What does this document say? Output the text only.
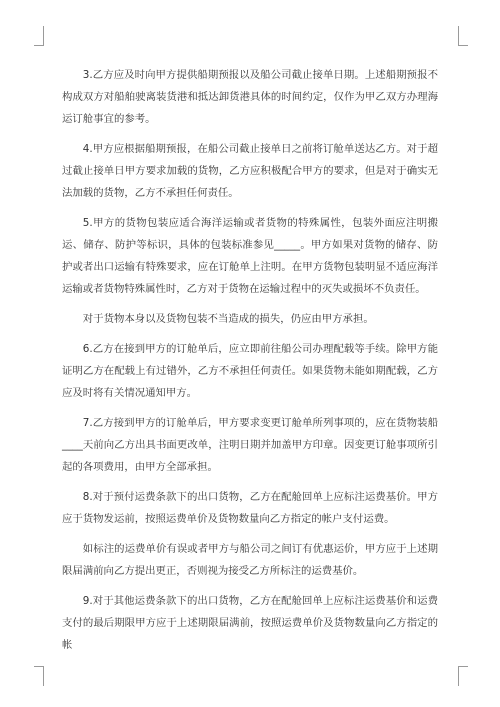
3.乙方应及时向甲方提供船期预报以及船公司截止接单日期。上述船期预报不构成双方对船舶驶离装货港和抵达卸货港具体的时间约定，仅作为甲乙双方办理海运订舱事宜的参考。

4.甲方应根据船期预报，在船公司截止接单日之前将订舱单送达乙方。对于超过截止接单日甲方要求加载的货物，乙方应积极配合甲方的要求，但是对于确实无法加载的货物，乙方不承担任何责任。

5.甲方的货物包装应适合海洋运输或者货物的特殊属性，包装外面应注明搬运、储存、防护等标识，具体的包装标准参见_____。甲方如果对货物的储存、防护或者出口运输有特殊要求，应在订舱单上注明。在甲方货物包装明显不适应海洋运输或者货物特殊属性时，乙方对于货物在运输过程中的灭失或损坏不负责任。

对于货物本身以及货物包装不当造成的损失，仍应由甲方承担。

6.乙方在接到甲方的订舱单后，应立即前往船公司办理配载等手续。除甲方能证明乙方在配载上有过错外，乙方不承担任何责任。如果货物未能如期配载，乙方应及时将有关情况通知甲方。

7.乙方接到甲方的订舱单后，甲方要求变更订舱单所列事项的，应在货物装船____天前向乙方出具书面更改单，注明日期并加盖甲方印章。因变更订舱事项所引起的各项费用，由甲方全部承担。

8.对于预付运费条款下的出口货物，乙方在配舱回单上应标注运费基价。甲方应于货物发运前，按照运费单价及货物数量向乙方指定的帐户支付运费。

如标注的运费单价有误或者甲方与船公司之间订有优惠运价，甲方应于上述期限届满前向乙方提出更正，否则视为接受乙方所标注的运费基价。

9.对于其他运费条款下的出口货物，乙方在配舱回单上应标注运费基价和运费支付的最后期限甲方应于上述期限届满前，按照运费单价及货物数量向乙方指定的帐
